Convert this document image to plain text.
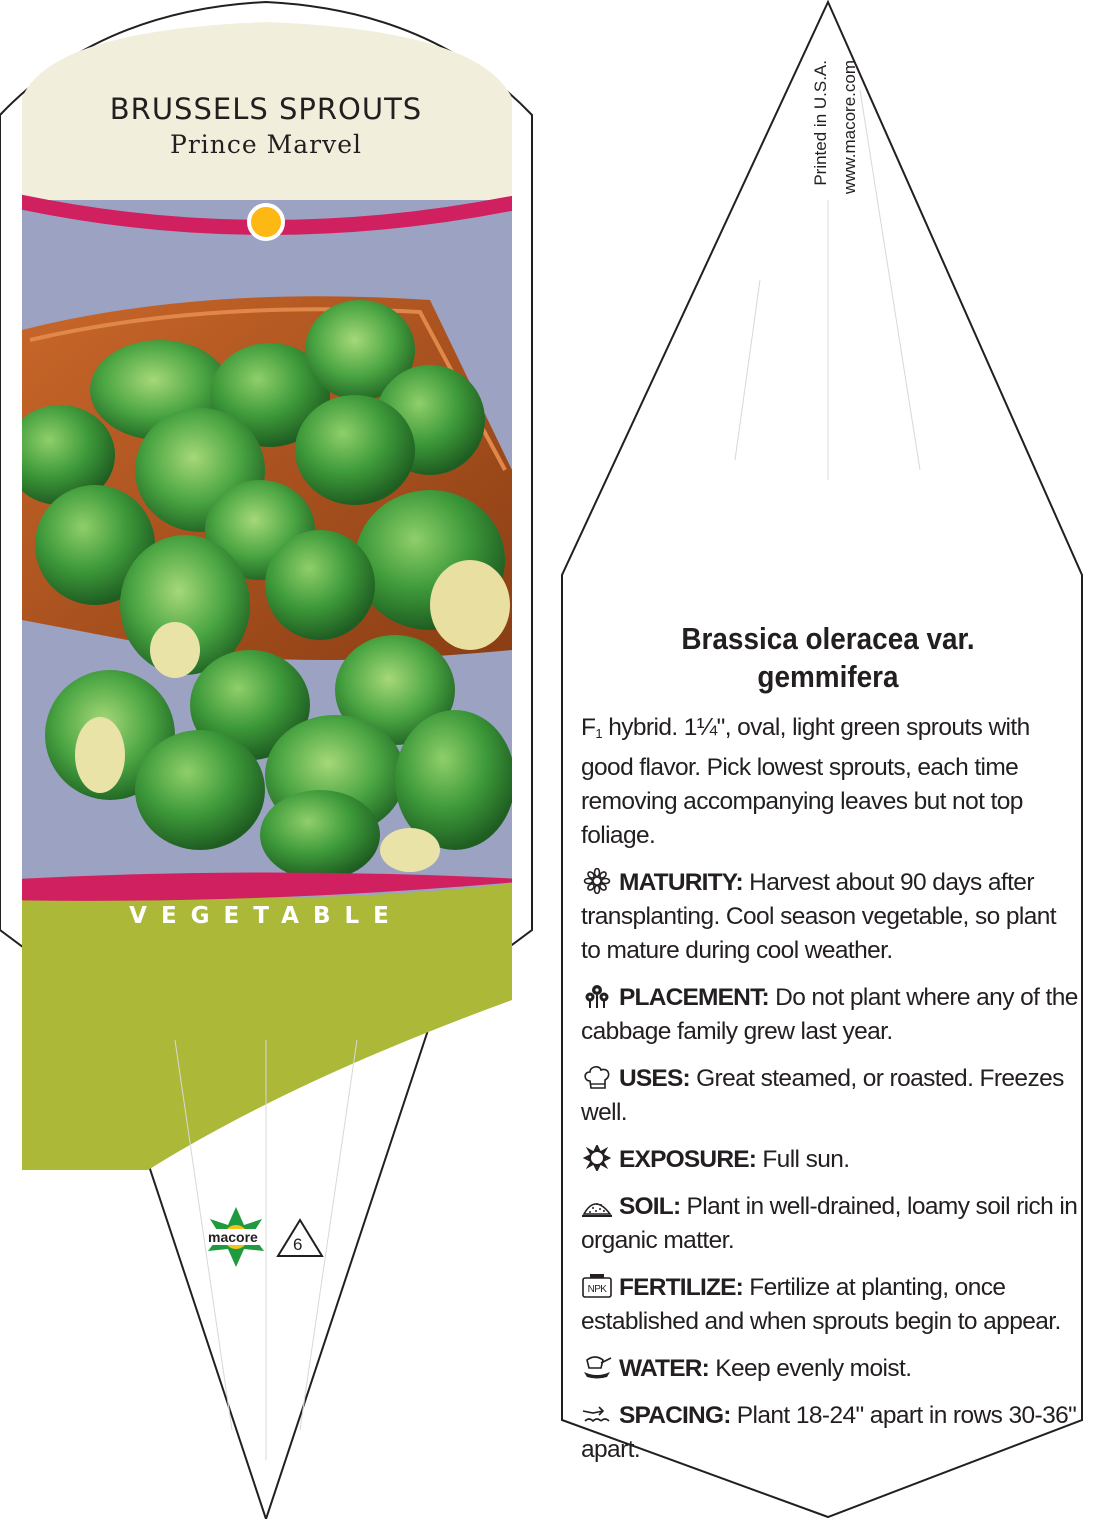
BRUSSELS SPROUTS
Prince Marvel
VEGETABLE
macore 6
Printed in U.S.A. www.macore.com
Brassica oleracea var.
gemmifera

$F_1$ hybrid. 1¼", oval, light green sprouts with good flavor. Pick lowest sprouts, each time removing accompanying leaves but not top foliage.

MATURITY: Harvest about 90 days after transplanting. Cool season vegetable, so plant to mature during cool weather.

PLACEMENT: Do not plant where any of the cabbage family grew last year.

USES: Great steamed, or roasted. Freezes well.

EXPOSURE: Full sun.

SOIL: Plant in well-drained, loamy soil rich in organic matter.

NPK FERTILIZE: Fertilize at planting, once established and when sprouts begin to appear.

WATER: Keep evenly moist.

SPACING: Plant 18-24" apart in rows 30-36" apart.
